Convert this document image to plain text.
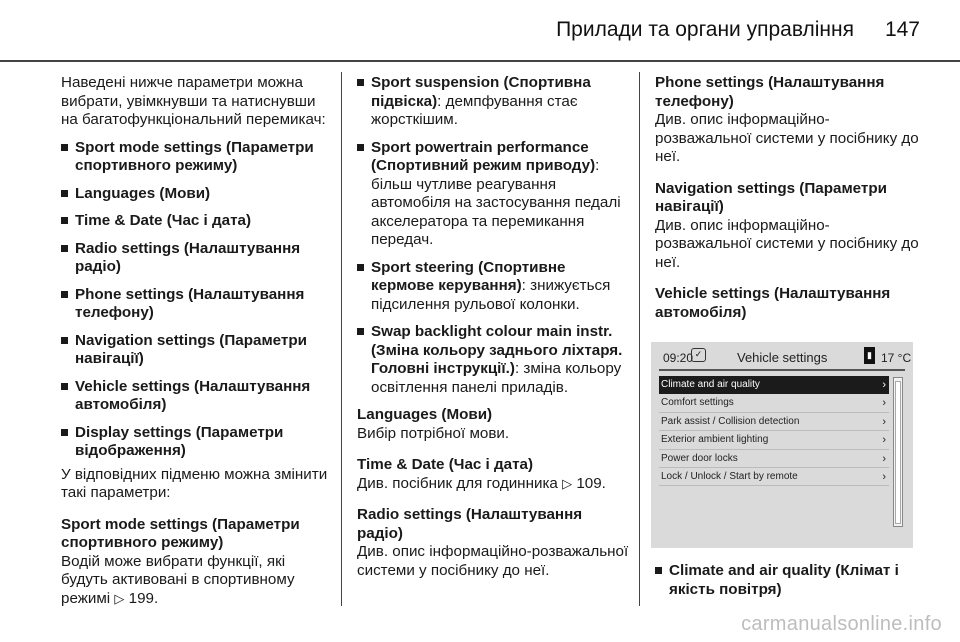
Прилади та органи управління 147

Наведені нижче параметри можна вибрати, увімкнувши та натиснувши на багатофункціональний перемикач:

Sport mode settings (Параметри спортивного режиму)
Languages (Мови)
Time & Date (Час і дата)
Radio settings (Налаштування радіо)
Phone settings (Налаштування телефону)
Navigation settings (Параметри навігації)
Vehicle settings (Налаштування автомобіля)
Display settings (Параметри відображення)

У відповідних підменю можна змінити такі параметри:

Sport mode settings (Параметри спортивного режиму)

Водій може вибрати функції, які будуть активовані в спортивному режимі ▷ 199.

Sport suspension (Спортивна підвіска): демпфування стає жорсткішим.
Sport powertrain performance (Спортивний режим приводу): більш чутливе реагування автомобіля на застосування педалі акселератора та перемикання передач.
Sport steering (Спортивне кермове керування): знижується підсилення рульової колонки.
Swap backlight colour main instr. (Зміна кольору заднього ліхтаря. Головні інструкції.): зміна кольору освітлення панелі приладів.

Languages (Мови)

Вибір потрібної мови.

Time & Date (Час і дата)

Див. посібник для годинника ▷ 109.

Radio settings (Налаштування радіо)

Див. опис інформаційно-розважальної системи у посібнику до неї.

Phone settings (Налаштування телефону)

Див. опис інформаційно-розважальної системи у посібнику до неї.

Navigation settings (Параметри навігації)

Див. опис інформаційно-розважальної системи у посібнику до неї.

Vehicle settings (Налаштування автомобіля)

09:20 ✓	Vehicle settings	▮ 17 °C
Climate and air quality	›
Comfort settings	›
Park assist / Collision detection	›
Exterior ambient lighting	›
Power door locks	›
Lock / Unlock / Start by remote	›
Climate and air quality (Клімат і якість повітря)
carmanualsonline.info
